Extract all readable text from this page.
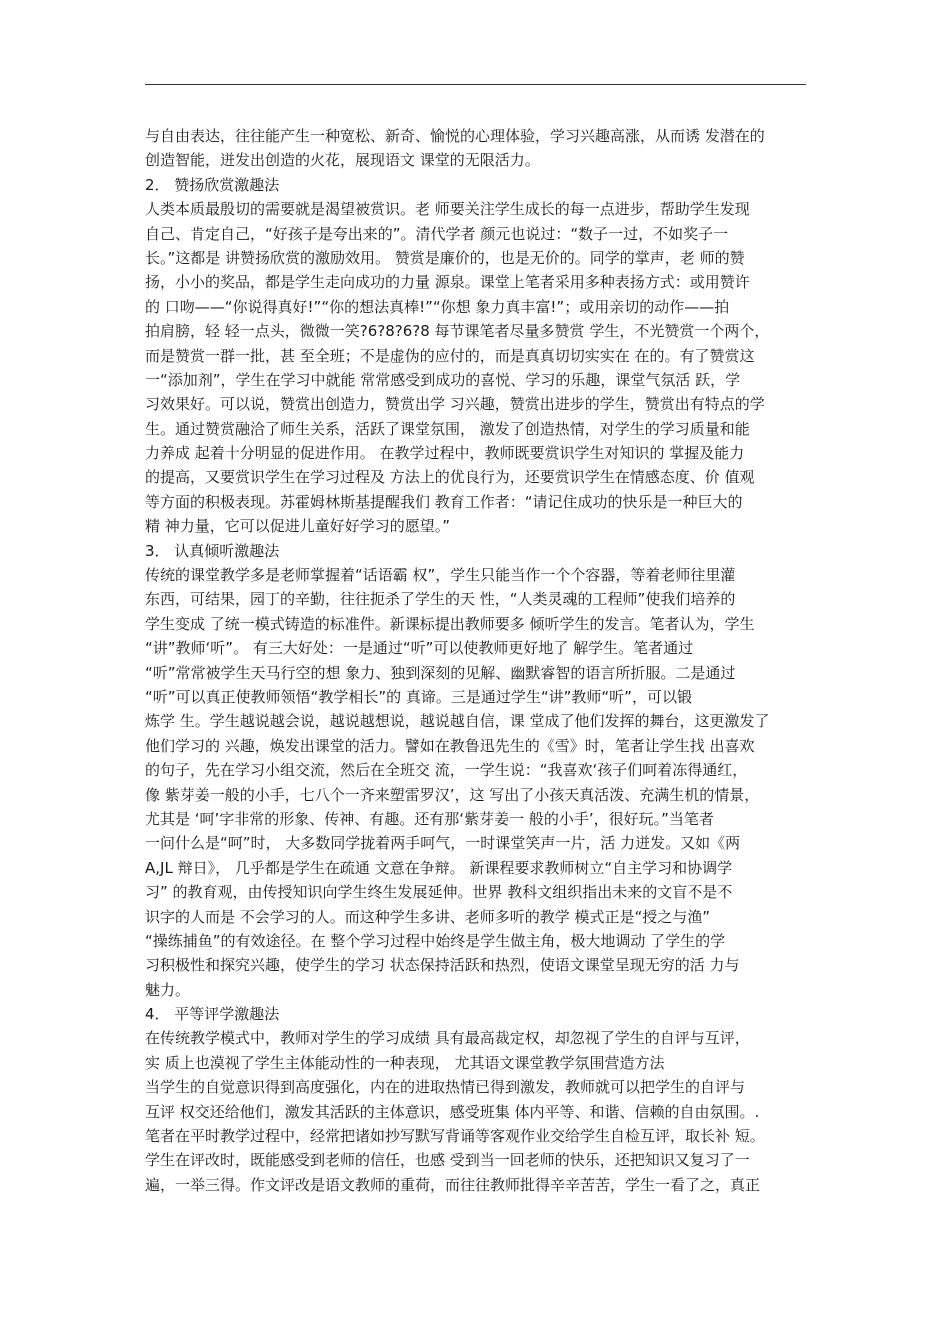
与自由表达，往往能产生一种宽松、新奇、愉悦的心理体验，学习兴趣高涨，从而诱 发潜在的
创造智能，迸发出创造的火花，展现语文 课堂的无限活力。
2． 赞扬欣赏激趣法
人类本质最殷切的需要就是渴望被赏识。老 师要关注学生成长的每一点进步，帮助学生发现
自己、肯定自己，“好孩子是夸出来的”。清代学者 颜元也说过：“数子一过，不如奖子一
长。”这都是 讲赞扬欣赏的激励效用。 赞赏是廉价的，也是无价的。同学的掌声，老 师的赞
扬，小小的奖品，都是学生走向成功的力量 源泉。课堂上笔者采用多种表扬方式：或用赞许
的 口吻——“你说得真好!”“你的想法真棒!”“你想 象力真丰富!”；或用亲切的动作——拍
拍肩膀，轻 轻一点头，微微一笑?6?8?6?8 每节课笔者尽量多赞赏 学生，不光赞赏一个两个，
而是赞赏一群一批，甚 至全班；不是虚伪的应付的，而是真真切切实实在 在的。有了赞赏这
一“添加剂”，学生在学习中就能 常常感受到成功的喜悦、学习的乐趣，课堂气氛活 跃，学
习效果好。可以说，赞赏出创造力，赞赏出学 习兴趣，赞赏出进步的学生，赞赏出有特点的学
生。通过赞赏融洽了师生关系，活跃了课堂氛围， 激发了创造热情，对学生的学习质量和能
力养成 起着十分明显的促进作用。 在教学过程中，教师既要赏识学生对知识的 掌握及能力
的提高，又要赏识学生在学习过程及 方法上的优良行为，还要赏识学生在情感态度、价 值观
等方面的积极表现。苏霍姆林斯基提醒我们 教育工作者：“请记住成功的快乐是一种巨大的
精 神力量，它可以促进儿童好好学习的愿望。”
3． 认真倾听激趣法
传统的课堂教学多是老师掌握着“话语霸 权”，学生只能当作一个个容器，等着老师往里灌
东西，可结果，园丁的辛勤，往往扼杀了学生的天 性，“人类灵魂的工程师”使我们培养的
学生变成 了统一模式铸造的标准件。新课标提出教师要多 倾听学生的发言。笔者认为，学生
“讲”教师‘听”。 有三大好处：一是通过“听”可以使教师更好地了 解学生。笔者通过
“听”常常被学生天马行空的想 象力、独到深刻的见解、幽默睿智的语言所折服。二是通过
“听”可以真正使教师领悟“教学相长”的 真谛。三是通过学生“讲”教师“听”，可以锻
炼学 生。学生越说越会说，越说越想说，越说越自信，课 堂成了他们发挥的舞台，这更激发了
他们学习的 兴趣，焕发出课堂的活力。譬如在教鲁迅先生的《雪》时，笔者让学生找 出喜欢
的句子，先在学习小组交流，然后在全班交 流，一学生说：“我喜欢‘孩子们呵着冻得通红，
像 紫芽姜一般的小手，七八个一齐来塑雷罗汉’，这 写出了小孩天真活泼、充满生机的情景，
尤其是 ‘呵’字非常的形象、传神、有趣。还有那‘紫芽姜一 般的小手’，很好玩。”当笔者
一问什么是“呵”时， 大多数同学拢着两手呵气，一时课堂笑声一片，活 力迸发。又如《两
A,JL 辩日》， 几乎都是学生在疏通 文意在争辩。 新课程要求教师树立“自主学习和协调学
习” 的教育观，由传授知识向学生终生发展延伸。世界 教科文组织指出未来的文盲不是不
识字的人而是 不会学习的人。而这种学生多讲、老师多听的教学 模式正是“授之与渔”
“操练捕鱼”的有效途径。在 整个学习过程中始终是学生做主角，极大地调动 了学生的学
习积极性和探究兴趣，使学生的学习 状态保持活跃和热烈，使语文课堂呈现无穷的活 力与
魅力。
4． 平等评学激趣法
在传统教学模式中，教师对学生的学习成绩 具有最高裁定权，却忽视了学生的自评与互评，
实 质上也漠视了学生主体能动性的一种表现， 尤其语文课堂教学氛围营造方法
当学生的自觉意识得到高度强化，内在的进取热情已得到激发，教师就可以把学生的自评与
互评 权交还给他们，激发其活跃的主体意识，感受班集 体内平等、和谐、信赖的自由氛围。.
笔者在平时教学过程中，经常把诸如抄写默写背诵等客观作业交给学生自检互评，取长补 短。
学生在评改时，既能感受到老师的信任，也感 受到当一回老师的快乐，还把知识又复习了一
遍，一举三得。作文评改是语文教师的重荷，而往往教师批得辛辛苦苦，学生一看了之，真正
